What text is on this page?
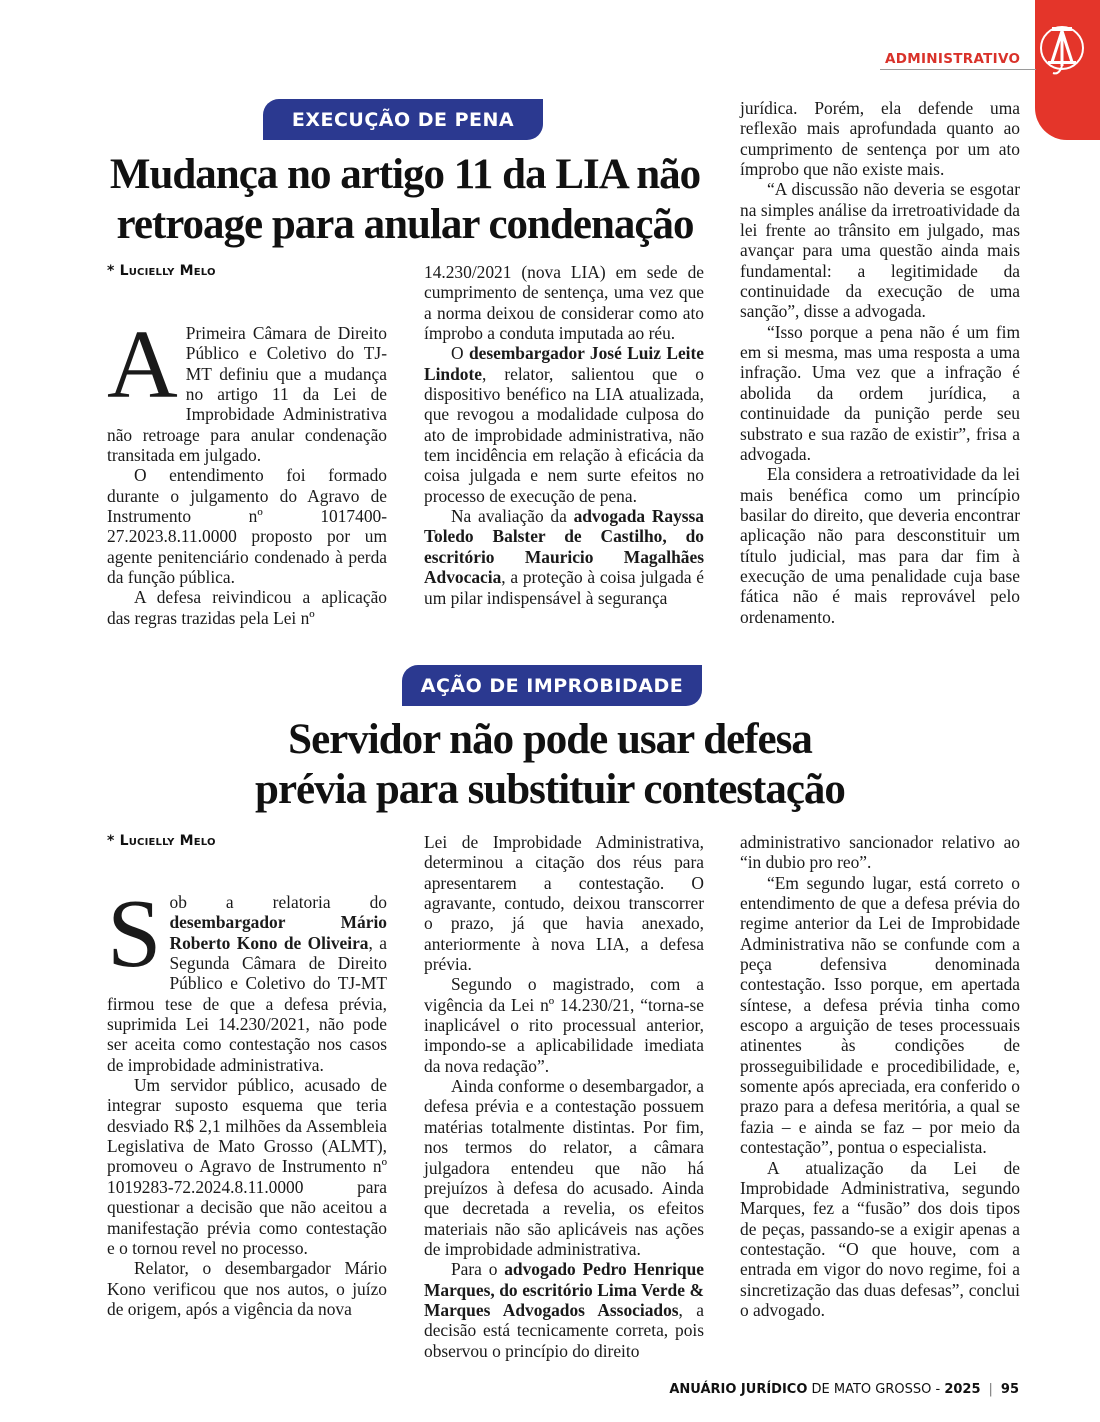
ADMINISTRATIVO
EXECUÇÃO DE PENA
Mudança no artigo 11 da LIA não
retroage para anular condenação
* Lucielly Melo

A Primeira Câmara de Direito Público e Coletivo do TJ-MT definiu que a mudança no artigo 11 da Lei de Improbidade Administrativa não retroage para anular condenação transitada em julgado.

O entendimento foi formado durante o julgamento do Agravo de Instrumento nº 1017400-27.2023.8.11.0000 proposto por um agente penitenciário condenado à perda da função pública.

A defesa reivindicou a aplicação das regras trazidas pela Lei nº

14.230/2021 (nova LIA) em sede de cumprimento de sentença, uma vez que a norma deixou de considerar como ato ímprobo a conduta imputada ao réu.

O desembargador José Luiz Leite Lindote, relator, salientou que o dispositivo benéfico na LIA atualizada, que revogou a modalidade culposa do ato de improbidade administrativa, não tem incidência em relação à eficácia da coisa julgada e nem surte efeitos no processo de execução de pena.

Na avaliação da advogada Rayssa Toledo Balster de Castilho, do escritório Mauricio Magalhães Advocacia, a proteção à coisa julgada é um pilar indispensável à segurança

jurídica. Porém, ela defende uma reflexão mais aprofundada quanto ao cumprimento de sentença por um ato ímprobo que não existe mais.

“A discussão não deveria se esgotar na simples análise da irretroatividade da lei frente ao trânsito em julgado, mas avançar para uma questão ainda mais fundamental: a legitimidade da continuidade da execução de uma sanção”, disse a advogada.

“Isso porque a pena não é um fim em si mesma, mas uma resposta a uma infração. Uma vez que a infração é abolida da ordem jurídica, a continuidade da punição perde seu substrato e sua razão de existir”, frisa a advogada.

Ela considera a retroatividade da lei mais benéfica como um princípio basilar do direito, que deveria encontrar aplicação não para desconstituir um título judicial, mas para dar fim à execução de uma penalidade cuja base fática não é mais reprovável pelo ordenamento.

AÇÃO DE IMPROBIDADE
Servidor não pode usar defesa
prévia para substituir contestação
* Lucielly Melo

Sob a relatoria do desembargador Mário Roberto Kono de Oliveira, a Segunda Câmara de Direito Público e Coletivo do TJ-MT firmou tese de que a defesa prévia, suprimida Lei 14.230/2021, não pode ser aceita como contestação nos casos de improbidade administrativa.

Um servidor público, acusado de integrar suposto esquema que teria desviado R$ 2,1 milhões da Assembleia Legislativa de Mato Grosso (ALMT), promoveu o Agravo de Instrumento nº 1019283-72.2024.8.11.0000 para questionar a decisão que não aceitou a manifestação prévia como contestação e o tornou revel no processo.

Relator, o desembargador Mário Kono verificou que nos autos, o juízo de origem, após a vigência da nova

Lei de Improbidade Administrativa, determinou a citação dos réus para apresentarem a contestação. O agravante, contudo, deixou transcorrer o prazo, já que havia anexado, anteriormente à nova LIA, a defesa prévia.

Segundo o magistrado, com a vigência da Lei nº 14.230/21, “torna-se inaplicável o rito processual anterior, impondo-se a aplicabilidade imediata da nova redação”.

Ainda conforme o desembargador, a defesa prévia e a contestação possuem matérias totalmente distintas. Por fim, nos termos do relator, a câmara julgadora entendeu que não há prejuízos à defesa do acusado. Ainda que decretada a revelia, os efeitos materiais não são aplicáveis nas ações de improbidade administrativa.

Para o advogado Pedro Henrique Marques, do escritório Lima Verde & Marques Advogados Associados, a decisão está tecnicamente correta, pois observou o princípio do direito

administrativo sancionador relativo ao “in dubio pro reo”.

“Em segundo lugar, está correto o entendimento de que a defesa prévia do regime anterior da Lei de Improbidade Administrativa não se confunde com a peça defensiva denominada contestação. Isso porque, em apertada síntese, a defesa prévia tinha como escopo a arguição de teses processuais atinentes às condições de prosseguibilidade e procedibilidade, e, somente após apreciada, era conferido o prazo para a defesa meritória, a qual se fazia – e ainda se faz – por meio da contestação”, pontua o especialista.

A atualização da Lei de Improbidade Administrativa, segundo Marques, fez a “fusão” dos dois tipos de peças, passando-se a exigir apenas a contestação. “O que houve, com a entrada em vigor do novo regime, foi a sincretização das duas defesas”, conclui o advogado.

ANUÁRIO JURÍDICO DE MATO GROSSO - 2025 | 95
